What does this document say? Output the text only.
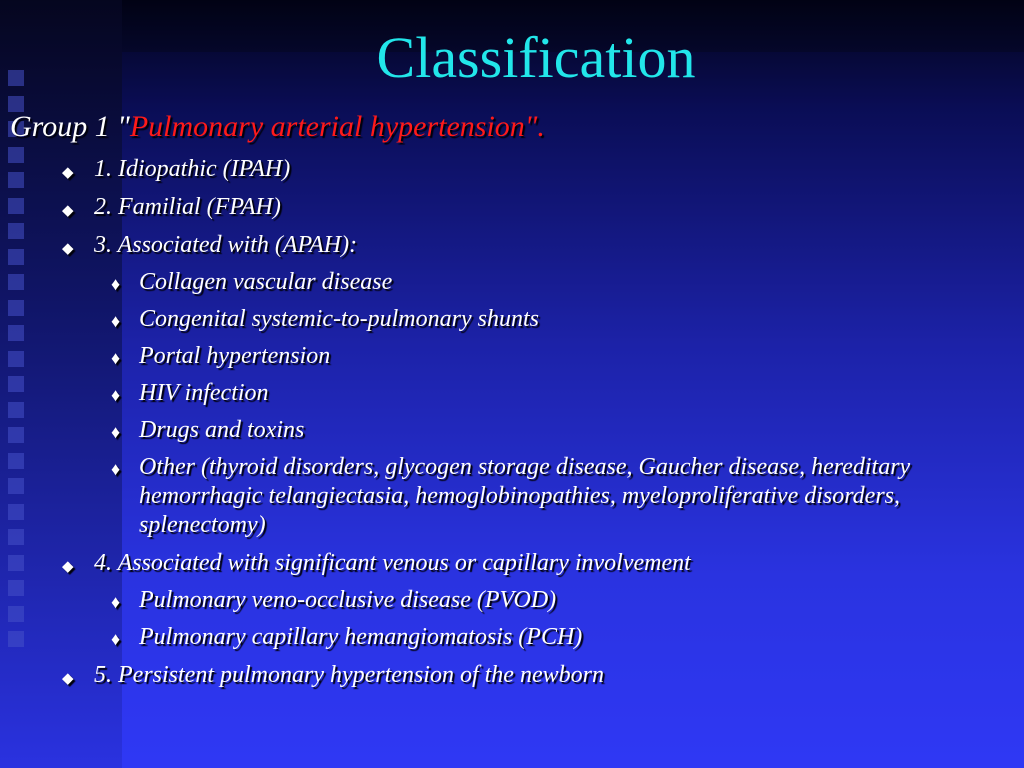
Classification

Group 1 "Pulmonary arterial hypertension".

◆ 1. Idiopathic (IPAH)
◆ 2. Familial (FPAH)
◆ 3. Associated with (APAH):
♦ Collagen vascular disease
♦ Congenital systemic-to-pulmonary shunts
♦ Portal hypertension
♦ HIV infection
♦ Drugs and toxins
♦ Other (thyroid disorders, glycogen storage disease, Gaucher disease, hereditary hemorrhagic telangiectasia, hemoglobinopathies, myeloproliferative disorders, splenectomy)
◆ 4. Associated with significant venous or capillary involvement
♦ Pulmonary veno-occlusive disease (PVOD)
♦ Pulmonary capillary hemangiomatosis (PCH)
◆ 5. Persistent pulmonary hypertension of the newborn
